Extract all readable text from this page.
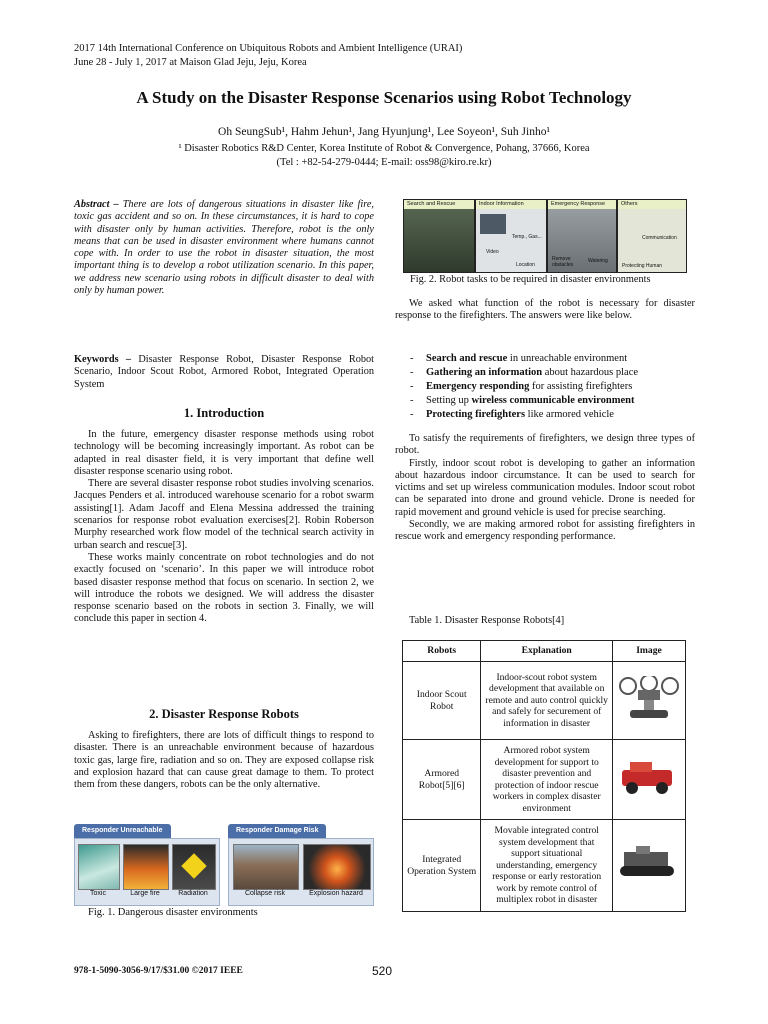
2017 14th International Conference on Ubiquitous Robots and Ambient Intelligence (URAI)
June 28 - July 1, 2017 at Maison Glad Jeju, Jeju, Korea
A Study on the Disaster Response Scenarios using Robot Technology
Oh SeungSub¹, Hahm Jehun¹, Jang Hyunjung¹, Lee Soyeon¹, Suh Jinho¹
¹ Disaster Robotics R&D Center, Korea Institute of Robot & Convergence, Pohang, 37666, Korea
(Tel : +82-54-279-0444; E-mail: oss98@kiro.re.kr)
Abstract – There are lots of dangerous situations in disaster like fire, toxic gas accident and so on. In these circumstances, it is hard to cope with disaster only by human activities. Therefore, robot is the only means that can be used in disaster environment where humans cannot cope with. In order to use the robot in disaster situation, the most important thing is to develop a robot utilization scenario. In this paper, we address new scenario using robots in difficult disaster to deal with only by human power.
Keywords – Disaster Response Robot, Disaster Response Robot Scenario, Indoor Scout Robot, Armored Robot, Integrated Operation System
1. Introduction

In the future, emergency disaster response methods using robot technology will be becoming increasingly important. As robot can be adapted in real disaster field, it is very important that define well disaster response scenario using robot.

There are several disaster response robot studies involving scenarios. Jacques Penders et al. introduced warehouse scenario for a robot swarm assisting[1]. Adam Jacoff and Elena Messina addressed the training scenarios for response robot evaluation exercises[2]. Robin Roberson Murphy researched work flow model of the technical search activity in urban search and rescue[3].

These works mainly concentrate on robot technologies and do not exactly focused on ‘scenario’. In this paper we will introduce robot based disaster response method that focus on scenario. In section 2, we will introduce the robots we designed. We will address the disaster response scenario based on the robots in section 3. Finally, we will conclude this paper in section 4.

2. Disaster Response Robots

Asking to firefighters, there are lots of difficult things to respond to disaster. There is an unreachable environment because of hazardous toxic gas, large fire, radiation and so on. They are exposed collapse risk and explosion hazard that can cause great damage to them. To protect them from these dangers, robots can be the only alternative.

Responder Unreachable
Toxic	Large fire	Radiation
Responder Damage Risk
Collapse risk	Explosion hazard
Fig. 1. Dangerous disaster environments
Search and Rescue	Indoor Information
Video
Temp., Gas...
Location
Emergency Response
Remove obstacles
Watering
Others
Communication
Protecting Human
Fig. 2. Robot tasks to be required in disaster environments

We asked what function of the robot is necessary for disaster response to the firefighters. The answers were like below.

- Search and rescue in unreachable environment
- Gathering an information about hazardous place
- Emergency responding for assisting firefighters
- Setting up wireless communicable environment
- Protecting firefighters like armored vehicle

To satisfy the requirements of firefighters, we design three types of robot.

Firstly, indoor scout robot is developing to gather an information about hazardous indoor circumstance. It can be used to search for victims and set up wireless communication modules. Indoor scout robot can be separated into drone and ground vehicle. Drone is needed for rapid movement and ground vehicle is used for precise searching.

Secondly, we are making armored robot for assisting firefighters in rescue work and emergency responding performance.

Table 1. Disaster Response Robots[4]
Robots	Explanation	Image
Indoor Scout Robot	Indoor-scout robot system development that available on remote and auto control quickly and safely for securement of information in disaster	
Armored Robot[5][6]	Armored robot system development for support to disaster prevention and protection of indoor rescue workers in complex disaster environment	
Integrated Operation System	Movable integrated control system development that support situational understanding, emergency response or early restoration work by remote control of multiplex robot in disaster	
978-1-5090-3056-9/17/$31.00 ©2017 IEEE	520
